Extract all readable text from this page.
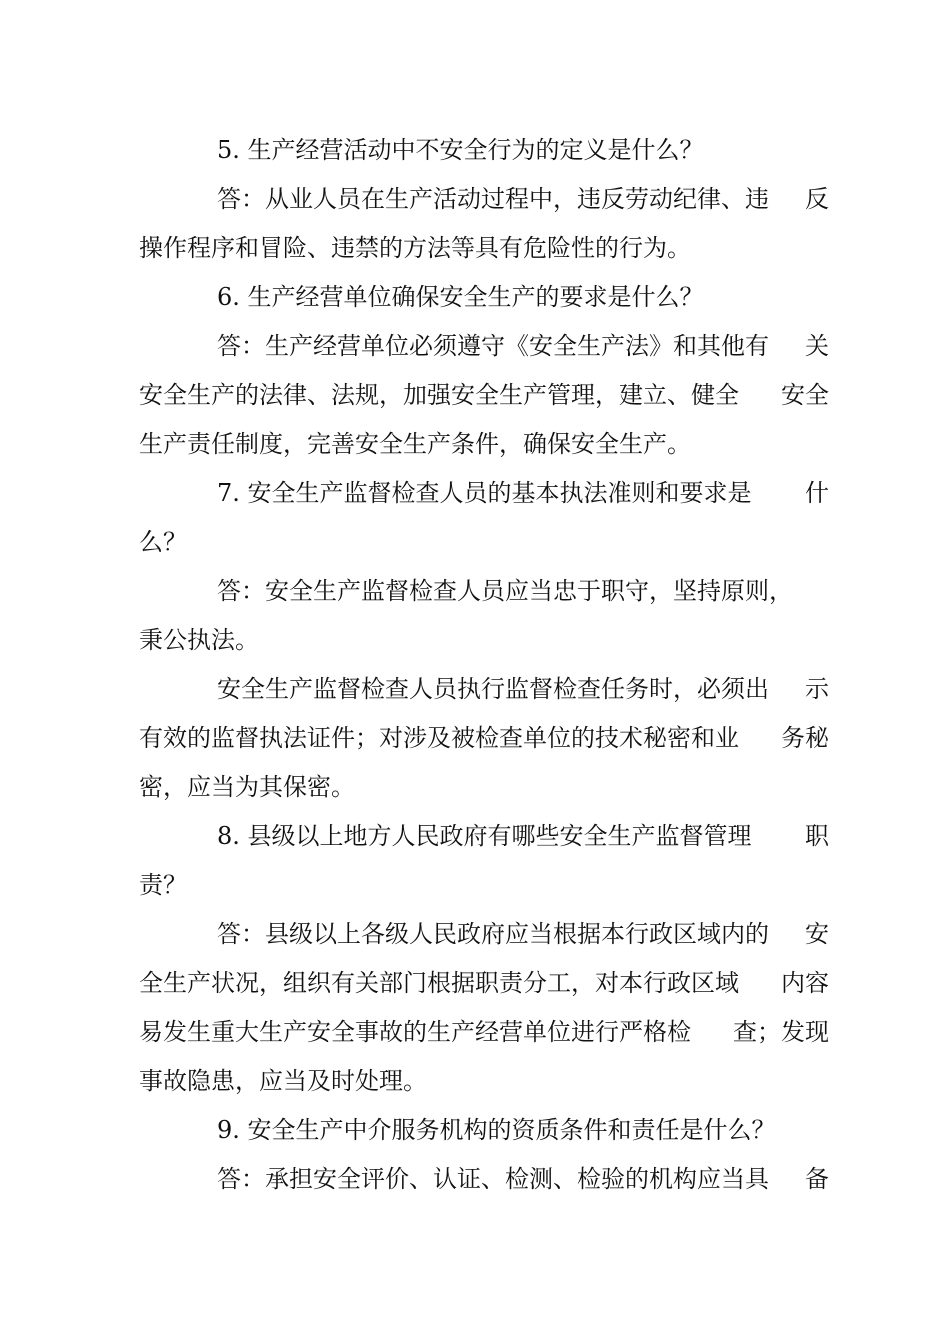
5. 生产经营活动中不安全行为的定义是什么？
答：从业人员在生产活动过程中，违反劳动纪律、违 反
操作程序和冒险、违禁的方法等具有危险性的行为。
6. 生产经营单位确保安全生产的要求是什么？
答：生产经营单位必须遵守《安全生产法》和其他有 关
安全生产的法律、法规，加强安全生产管理，建立、健全 安全
生产责任制度，完善安全生产条件，确保安全生产。
7. 安全生产监督检查人员的基本执法准则和要求是 什
么？
答：安全生产监督检查人员应当忠于职守，坚持原则，
秉公执法。
安全生产监督检查人员执行监督检查任务时，必须出 示
有效的监督执法证件；对涉及被检查单位的技术秘密和业 务秘
密，应当为其保密。
8. 县级以上地方人民政府有哪些安全生产监督管理 职
责？
答：县级以上各级人民政府应当根据本行政区域内的 安
全生产状况，组织有关部门根据职责分工，对本行政区域 内容
易发生重大生产安全事故的生产经营单位进行严格检 查；发现
事故隐患，应当及时处理。
9. 安全生产中介服务机构的资质条件和责任是什么？
答：承担安全评价、认证、检测、检验的机构应当具 备
